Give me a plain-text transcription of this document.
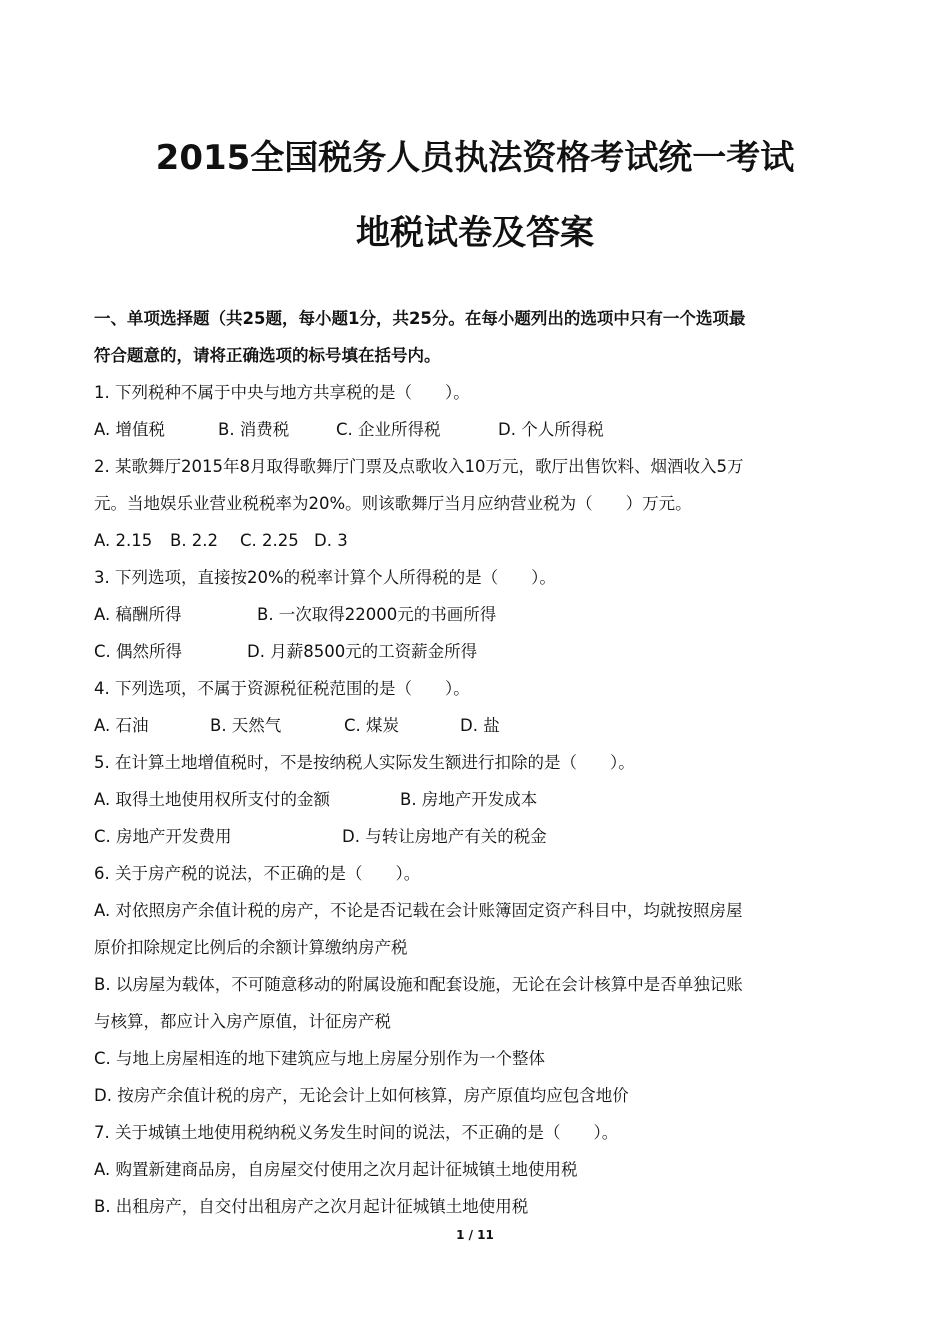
2015全国税务人员执法资格考试统一考试
地税试卷及答案
一、单项选择题（共25题，每小题1分，共25分。在每小题列出的选项中只有一个选项最
符合题意的，请将正确选项的标号填在括号内。
1. 下列税种不属于中央与地方共享税的是（　　）。
A. 增值税	B. 消费税	C. 企业所得税	D. 个人所得税
2. 某歌舞厅2015年8月取得歌舞厅门票及点歌收入10万元，歌厅出售饮料、烟酒收入5万
元。当地娱乐业营业税税率为20%。则该歌舞厅当月应纳营业税为（　　）万元。
A. 2.15 B. 2.2 C. 2.25 D. 3
3. 下列选项，直接按20%的税率计算个人所得税的是（　　）。
A. 稿酬所得	B. 一次取得22000元的书画所得
C. 偶然所得	D. 月薪8500元的工资薪金所得
4. 下列选项，不属于资源税征税范围的是（　　）。
A. 石油	B. 天然气	C. 煤炭	D. 盐
5. 在计算土地增值税时，不是按纳税人实际发生额进行扣除的是（　　）。
A. 取得土地使用权所支付的金额	B. 房地产开发成本
C. 房地产开发费用	D. 与转让房地产有关的税金
6. 关于房产税的说法，不正确的是（　　）。
A. 对依照房产余值计税的房产，不论是否记载在会计账簿固定资产科目中，均就按照房屋
原价扣除规定比例后的余额计算缴纳房产税
B. 以房屋为载体，不可随意移动的附属设施和配套设施，无论在会计核算中是否单独记账
与核算，都应计入房产原值，计征房产税
C. 与地上房屋相连的地下建筑应与地上房屋分别作为一个整体
D. 按房产余值计税的房产，无论会计上如何核算，房产原值均应包含地价
7. 关于城镇土地使用税纳税义务发生时间的说法，不正确的是（　　）。
A. 购置新建商品房，自房屋交付使用之次月起计征城镇土地使用税
B. 出租房产，自交付出租房产之次月起计征城镇土地使用税
1 / 11
